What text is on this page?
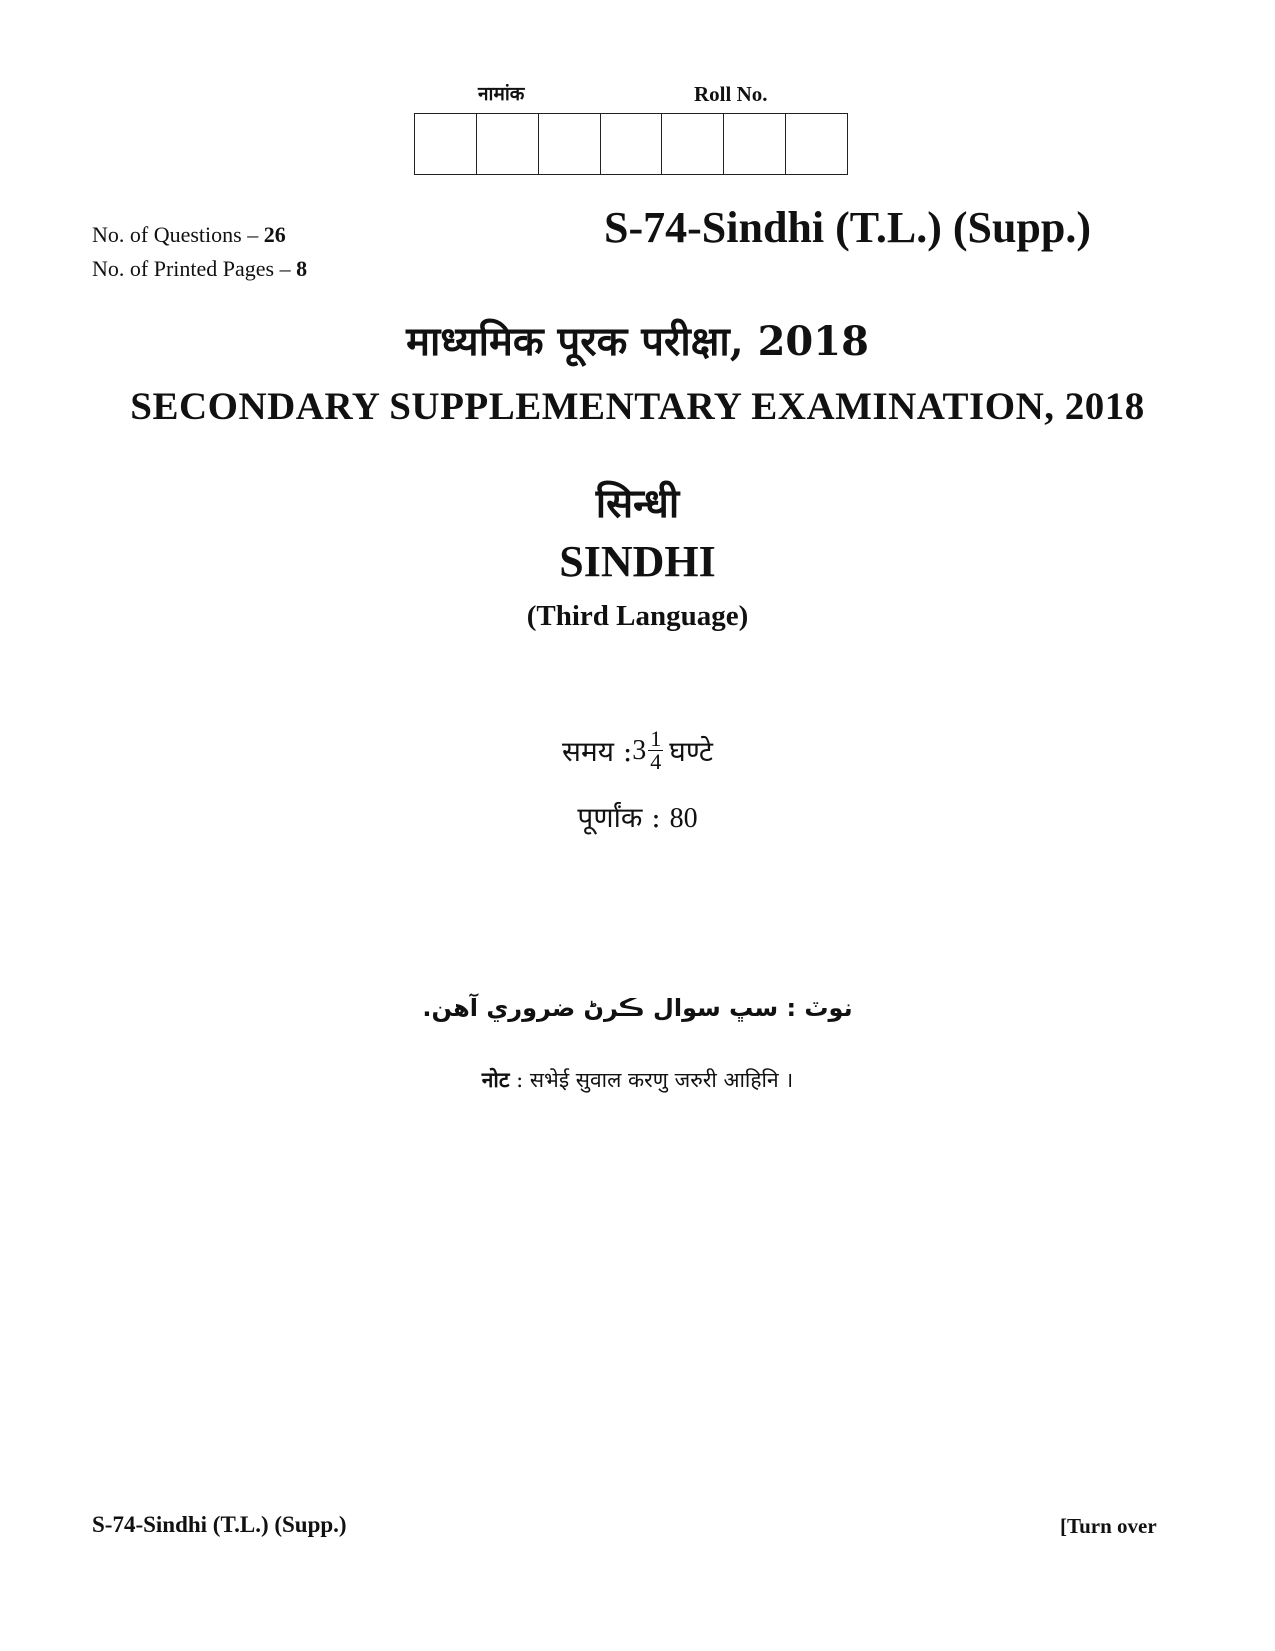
नामांक	Roll No.
No. of Questions – 26
No. of Printed Pages – 8
S-74-Sindhi (T.L.) (Supp.)
माध्यमिक पूरक परीक्षा, 2018
SECONDARY SUPPLEMENTARY EXAMINATION, 2018
सिन्धी
SINDHI
(Third Language)
समय : $3 \frac{1}{4}$ घण्टे
पूर्णांक : 80
نوٽ : سڀ سوال ڪرڻ ضروري آهن.
नोट : सभेई सुवाल करणु जरुरी आहिनि ।
S-74-Sindhi (T.L.) (Supp.)	[Turn over
